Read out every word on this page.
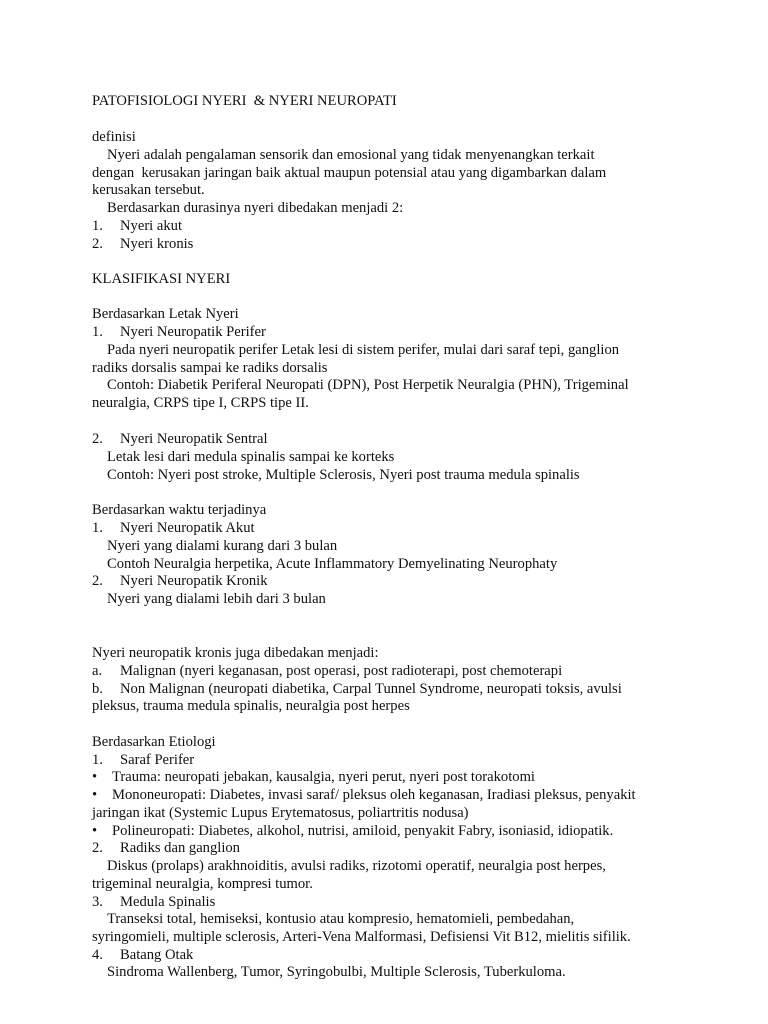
PATOFISIOLOGI NYERI  & NYERI NEUROPATI
definisi
Nyeri adalah pengalaman sensorik dan emosional yang tidak menyenangkan terkait
dengan  kerusakan jaringan baik aktual maupun potensial atau yang digambarkan dalam
kerusakan tersebut.
Berdasarkan durasinya nyeri dibedakan menjadi 2:
1. Nyeri akut
2. Nyeri kronis
KLASIFIKASI NYERI
Berdasarkan Letak Nyeri
1. Nyeri Neuropatik Perifer
Pada nyeri neuropatik perifer Letak lesi di sistem perifer, mulai dari saraf tepi, ganglion
radiks dorsalis sampai ke radiks dorsalis
Contoh: Diabetik Periferal Neuropati (DPN), Post Herpetik Neuralgia (PHN), Trigeminal
neuralgia, CRPS tipe I, CRPS tipe II.
2. Nyeri Neuropatik Sentral
Letak lesi dari medula spinalis sampai ke korteks
Contoh: Nyeri post stroke, Multiple Sclerosis, Nyeri post trauma medula spinalis
Berdasarkan waktu terjadinya
1. Nyeri Neuropatik Akut
Nyeri yang dialami kurang dari 3 bulan
Contoh Neuralgia herpetika, Acute Inflammatory Demyelinating Neurophaty
2. Nyeri Neuropatik Kronik
Nyeri yang dialami lebih dari 3 bulan
Nyeri neuropatik kronis juga dibedakan menjadi:
a. Malignan (nyeri keganasan, post operasi, post radioterapi, post chemoterapi
b. Non Malignan (neuropati diabetika, Carpal Tunnel Syndrome, neuropati toksis, avulsi
pleksus, trauma medula spinalis, neuralgia post herpes
Berdasarkan Etiologi
1. Saraf Perifer
• Trauma: neuropati jebakan, kausalgia, nyeri perut, nyeri post torakotomi
• Mononeuropati: Diabetes, invasi saraf/ pleksus oleh keganasan, Iradiasi pleksus, penyakit
jaringan ikat (Systemic Lupus Erytematosus, poliartritis nodusa)
• Polineuropati: Diabetes, alkohol, nutrisi, amiloid, penyakit Fabry, isoniasid, idiopatik.
2. Radiks dan ganglion
Diskus (prolaps) arakhnoiditis, avulsi radiks, rizotomi operatif, neuralgia post herpes,
trigeminal neuralgia, kompresi tumor.
3. Medula Spinalis
Transeksi total, hemiseksi, kontusio atau kompresio, hematomieli, pembedahan,
syringomieli, multiple sclerosis, Arteri-Vena Malformasi, Defisiensi Vit B12, mielitis sifilik.
4. Batang Otak
Sindroma Wallenberg, Tumor, Syringobulbi, Multiple Sclerosis, Tuberkuloma.
